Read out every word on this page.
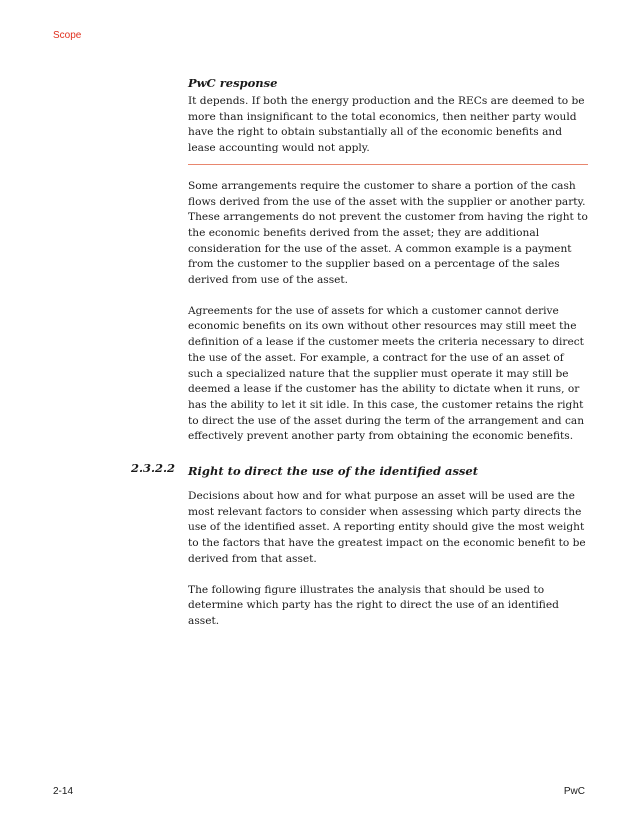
Scope
PwC response

It depends. If both the energy production and the RECs are deemed to be more than insignificant to the total economics, then neither party would have the right to obtain substantially all of the economic benefits and lease accounting would not apply.

Some arrangements require the customer to share a portion of the cash flows derived from the use of the asset with the supplier or another party. These arrangements do not prevent the customer from having the right to the economic benefits derived from the asset; they are additional consideration for the use of the asset. A common example is a payment from the customer to the supplier based on a percentage of the sales derived from use of the asset.

Agreements for the use of assets for which a customer cannot derive economic benefits on its own without other resources may still meet the definition of a lease if the customer meets the criteria necessary to direct the use of the asset. For example, a contract for the use of an asset of such a specialized nature that the supplier must operate it may still be deemed a lease if the customer has the ability to dictate when it runs, or has the ability to let it sit idle. In this case, the customer retains the right to direct the use of the asset during the term of the arrangement and can effectively prevent another party from obtaining the economic benefits.

2.3.2.2 Right to direct the use of the identified asset

Decisions about how and for what purpose an asset will be used are the most relevant factors to consider when assessing which party directs the use of the identified asset. A reporting entity should give the most weight to the factors that have the greatest impact on the economic benefit to be derived from that asset.

The following figure illustrates the analysis that should be used to determine which party has the right to direct the use of an identified asset.

2-14	PwC
